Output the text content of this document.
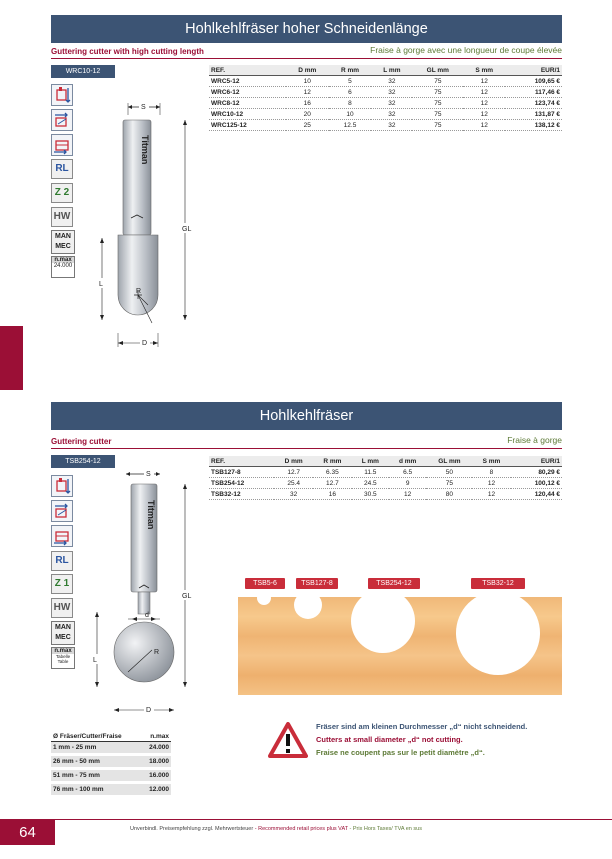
Hohlkehlfräser hoher Schneidenlänge
Guttering cutter with high cutting length	Fraise à gorge avec une longueur de coupe élevée
WRC10-12
RL
Z 2
HW
MAN
MEC
n.max
24.000
REF.	D mm	R mm	L mm	GL mm	S mm	EUR/1
WRC5-12	10	5	32	75	12	109,65 €
WRC6-12	12	6	32	75	12	117,46 €
WRC8-12	16	8	32	75	12	123,74 €
WRC10-12	20	10	32	75	12	131,87 €
WRC125-12	25	12.5	32	75	12	138,12 €
S
Titman
R
GL
L
D
Hohlkehlfräser
Guttering cutter	Fraise à gorge
TSB254-12
RL
Z 1
HW
MAN
MEC
n.max
Tabelle Table
REF.	D mm	R mm	L mm	d mm	GL mm	S mm	EUR/1
TSB127-8	12.7	6.35	11.5	6.5	50	8	80,29 €
TSB254-12	25.4	12.7	24.5	9	75	12	100,12 €
TSB32-12	32	16	30.5	12	80	12	120,44 €
S
Titman
d
R
GL
L
D
TSB5-6	TSB127-8	TSB254-12	TSB32-12
Ø Fräser/Cutter/Fraise	n.max
1 mm - 25 mm	24.000
26 mm - 50 mm	18.000
51 mm - 75 mm	16.000
76 mm - 100 mm	12.000
Fräser sind am kleinen Durchmesser „d“ nicht schneidend.
Cutters at small diameter „d“ not cutting.
Fraise ne coupent pas sur le petit diamètre „d“.
64	Unverbindl. Preisempfehlung zzgl. Mehrwertsteuer - Recommended retail prices plus VAT - Prix Hors Taxes/ TVA en sus
